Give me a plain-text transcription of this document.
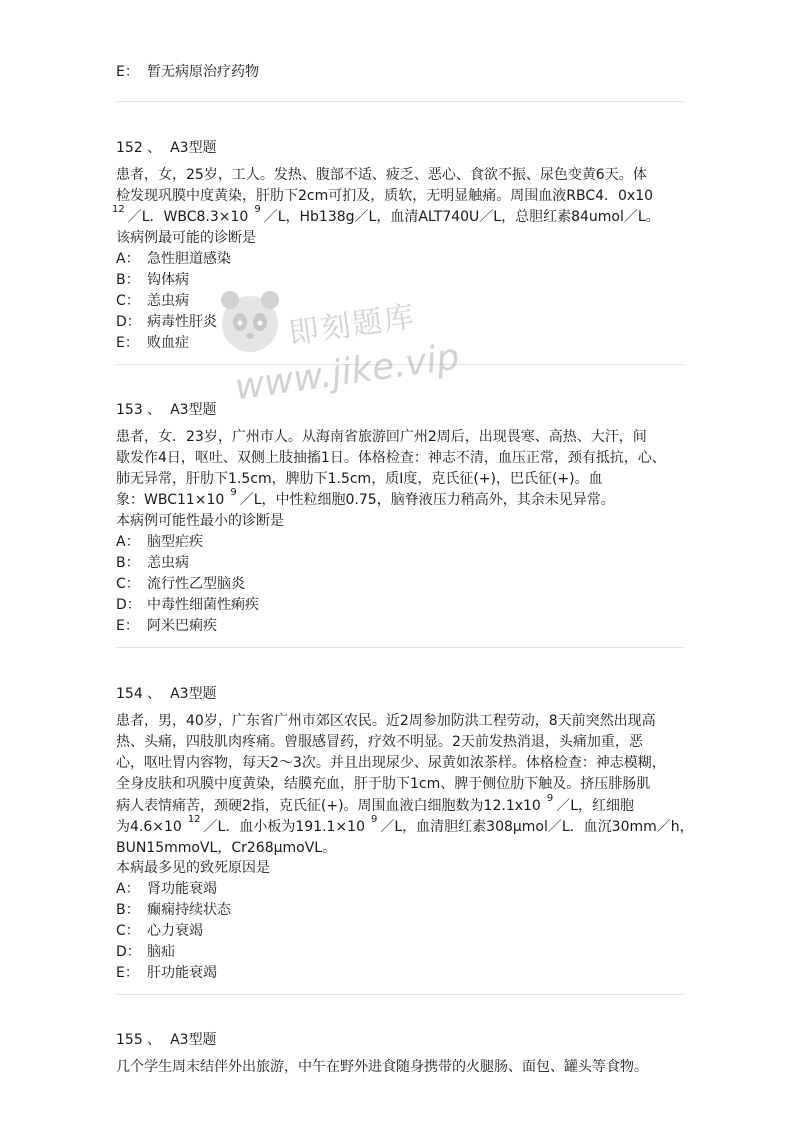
E： 暂无病原治疗药物
152 、 A3型题
患者，女，25岁，工人。发热、腹部不适、疲乏、恶心、食欲不振、尿色变黄6天。体
检发现巩膜中度黄染，肝肋下2cm可扪及，质软，无明显触痛。周围血液RBC4．0x10
$^{12}$ ／L．WBC8.3×10 $^9$ ／L，Hb138g／L，血清ALT740U／L，总胆红素84umol／L。
该病例最可能的诊断是
A： 急性胆道感染
B： 钩体病
C： 恙虫病
D： 病毒性肝炎
E： 败血症
153 、 A3型题
患者，女．23岁，广州市人。从海南省旅游回广州2周后，出现畏寒、高热、大汗，间
歇发作4日，呕吐、双侧上肢抽搐1日。体格检查：神志不清，血压正常，颈有抵抗，心、
肺无异常，肝肋下1.5cm，脾肋下1.5cm，质Ⅰ度，克氏征(+)，巴氏征(+)。血
象：WBC11×10 $^9$ ／L，中性粒细胞0.75，脑脊液压力稍高外，其余未见异常。
本病例可能性最小的诊断是
A： 脑型疟疾
B： 恙虫病
C： 流行性乙型脑炎
D： 中毒性细菌性痢疾
E： 阿米巴痢疾
154 、 A3型题
患者，男，40岁，广东省广州市郊区农民。近2周参加防洪工程劳动，8天前突然出现高
热、头痛，四肢肌肉疼痛。曾服感冒药，疗效不明显。2天前发热消退，头痛加重，恶
心，呕吐胃内容物，每天2～3次。并且出现尿少、尿黄如浓茶样。体格检查：神志模糊，
全身皮肤和巩膜中度黄染，结膜充血，肝于肋下1cm、脾于侧位肋下触及。挤压腓肠肌
病人表情痛苦，颈硬2指，克氏征(+)。周围血液白细胞数为12.1x10 $^9$ ／L，红细胞
为4.6×10 $^{12}$ ／L．血小板为191.1×10 $^9$ ／L，血清胆红素308μmol／L．血沉30mm／h，
BUN15mmoVL，Cr268μmoVL。
本病最多见的致死原因是
A： 肾功能衰竭
B： 癫痫持续状态
C： 心力衰竭
D： 脑疝
E： 肝功能衰竭
155 、 A3型题
几个学生周末结伴外出旅游，中午在野外进食随身携带的火腿肠、面包、罐头等食物。
即刻题库
www.jike.vip
